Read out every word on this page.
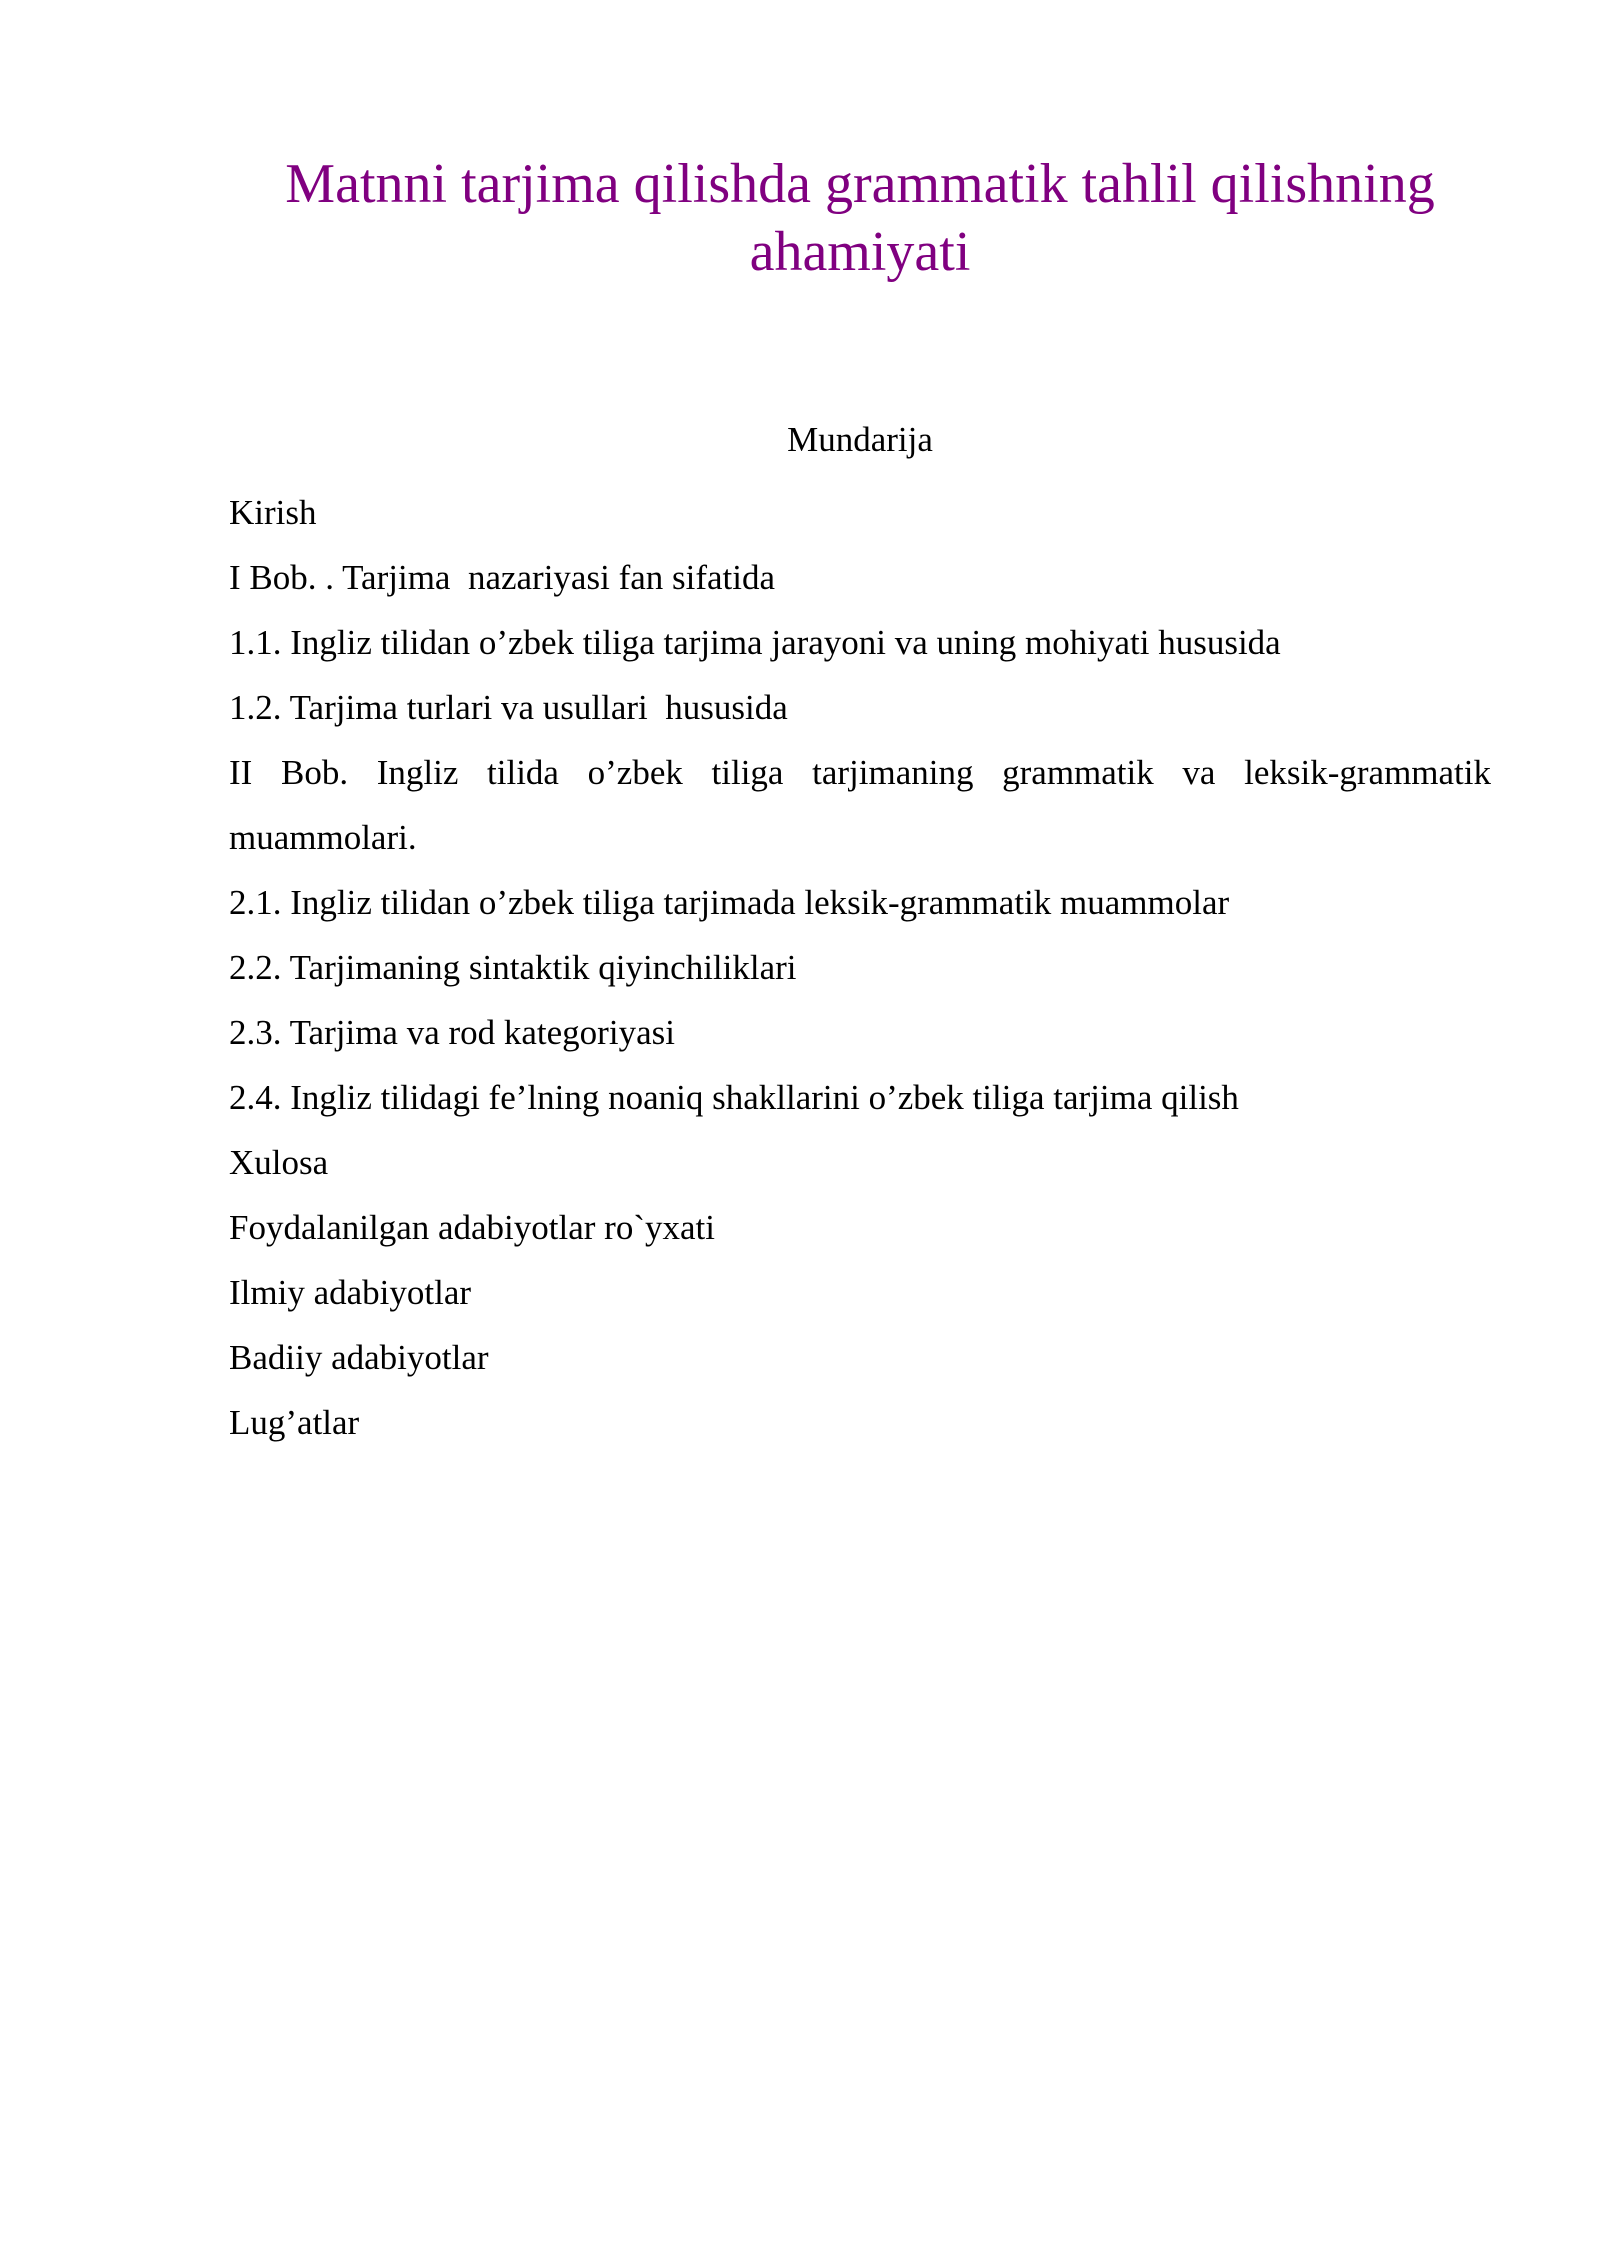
Matnni tarjima qilishda grammatik tahlil qilishning ahamiyati
Mundarija
Kirish
I Bob. . Tarjima  nazariyasi fan sifatida
1.1. Ingliz tilidan o’zbek tiliga tarjima jarayoni va uning mohiyati hususida
1.2. Tarjima turlari va usullari  hususida
II Bob. Ingliz tilida o’zbek tiliga tarjimaning grammatik va leksik-grammatik muammolari.
2.1. Ingliz tilidan o’zbek tiliga tarjimada leksik-grammatik muammolar
2.2. Tarjimaning sintaktik qiyinchiliklari
2.3. Tarjima va rod kategoriyasi
2.4. Ingliz tilidagi fe’lning noaniq shakllarini o’zbek tiliga tarjima qilish
Xulosa
Foydalanilgan adabiyotlar ro`yxati
Ilmiy adabiyotlar
Badiiy adabiyotlar
Lug’atlar
